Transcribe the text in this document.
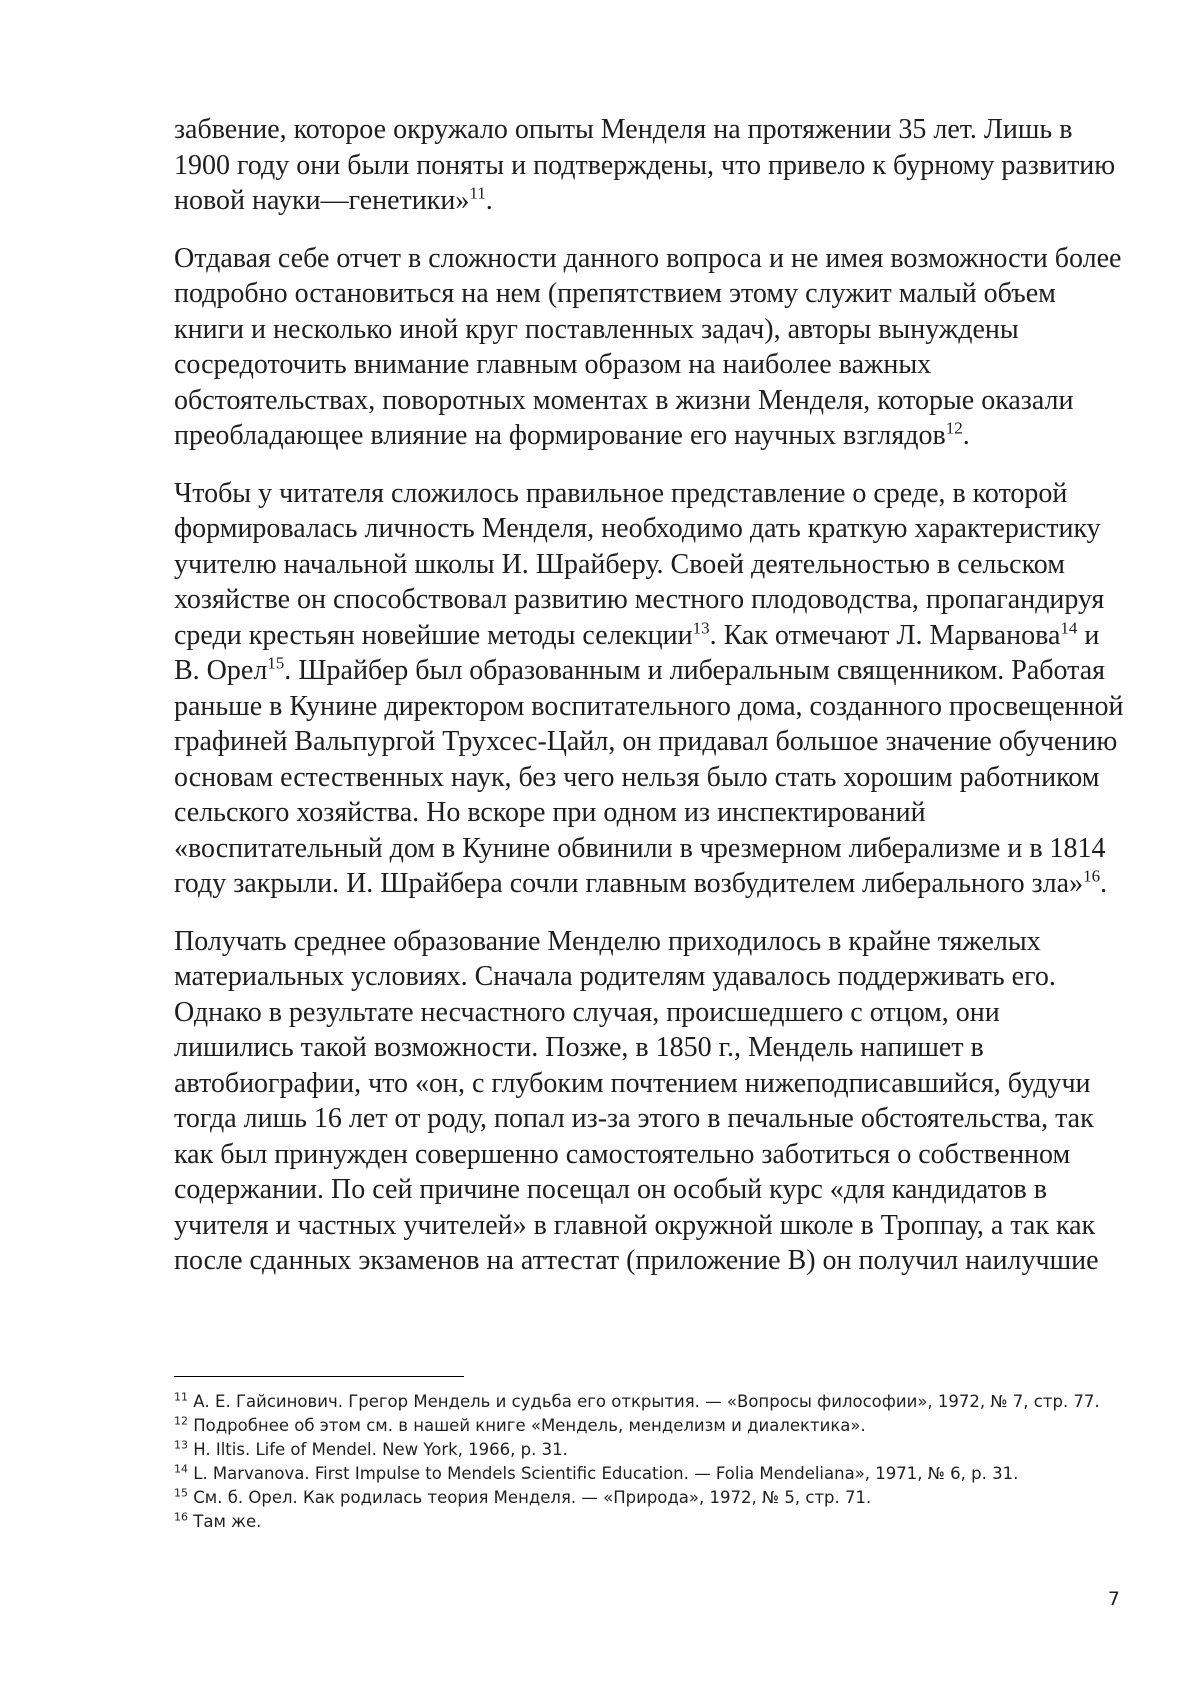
забвение, которое окружало опыты Менделя на протяжении 35 лет. Лишь в 1900 году они были поняты и подтверждены, что привело к бурному развитию новой науки—генетики»$^{11}$.

Отдавая себе отчет в сложности данного вопроса и не имея возможности более подробно остановиться на нем (препятствием этому служит малый объем книги и несколько иной круг поставленных задач), авторы вынуждены сосредоточить внимание главным образом на наиболее важных обстоятельствах, поворотных моментах в жизни Менделя, которые оказали преобладающее влияние на формирование его научных взглядов$^{12}$.

Чтобы у читателя сложилось правильное представление о среде, в которой формировалась личность Менделя, необходимо дать краткую характеристику учителю начальной школы И. Шрайберу. Своей деятельностью в сельском хозяйстве он способствовал развитию местного плодоводства, пропагандируя среди крестьян новейшие методы селекции$^{13}$. Как отмечают Л. Марванова$^{14}$ и В. Орел$^{15}$. Шрайбер был образованным и либеральным священником. Работая раньше в Кунине директором воспитательного дома, созданного просвещенной графиней Вальпургой Трухсес-Цайл, он придавал большое значение обучению основам естественных наук, без чего нельзя было стать хорошим работником сельского хозяйства. Но вскоре при одном из инспектирований «воспитательный дом в Кунине обвинили в чрезмерном либерализме и в 1814 году закрыли. И. Шрайбера сочли главным возбудителем либерального зла»$^{16}$.

Получать среднее образование Менделю приходилось в крайне тяжелых материальных условиях. Сначала родителям удавалось поддерживать его. Однако в результате несчастного случая, происшедшего с отцом, они лишились такой возможности. Позже, в 1850 г., Мендель напишет в автобиографии, что «он, с глубоким почтением нижеподписавшийся, будучи тогда лишь 16 лет от роду, попал из-за этого в печальные обстоятельства, так как был принужден совершенно самостоятельно заботиться о собственном содержании. По сей причине посещал он особый курс «для кандидатов в учителя и частных учителей» в главной окружной школе в Троппау, а так как после сданных экзаменов на аттестат (приложение В) он получил наилучшие

$^{11}$ А. Е. Гайсинович. Грегор Мендель и судьба его открытия. — «Вопросы философии», 1972, № 7, стр. 77.

$^{12}$ Подробнее об этом см. в нашей книге «Мендель, менделизм и диалектика».

$^{13}$ H. Iltis. Life of Mendel. New York, 1966, p. 31.

$^{14}$ L. Marvanova. First Impulse to Mendels Scientific Education. — Folia Mendeliana», 1971, № 6, p. 31.

$^{15}$ См. б. Орел. Как родилась теория Менделя. — «Природа», 1972, № 5, стр. 71.

$^{16}$ Там же.

7
